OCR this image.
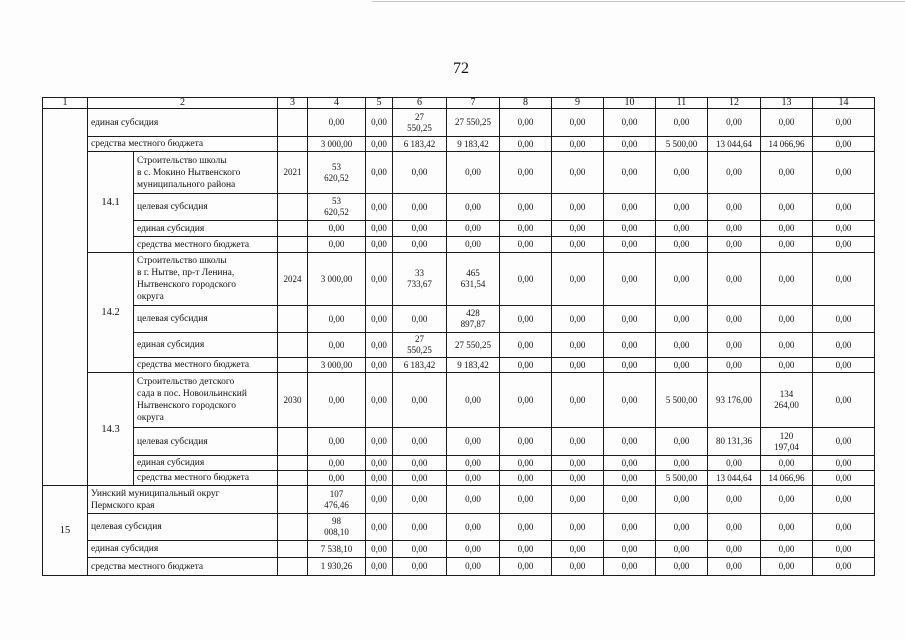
72
1	2		3	4	5	6	7	8	9	10	11	12	13	14

	единая субсидия			0,00	0,00	27 550,25	27 550,25	0,00	0,00	0,00	0,00	0,00	0,00	0,00

	средства местного бюджета			3 000,00	0,00	6 183,42	9 183,42	0,00	0,00	0,00	5 500,00	13 044,64	14 066,96	0,00
	14.1	Строительство школы
в с. Мокино Нытвенского
муниципального района	2021	53 620,52	0,00	0,00	0,00	0,00	0,00	0,00	0,00	0,00	0,00	0,00

		целевая субсидия		53 620,52	0,00	0,00	0,00	0,00	0,00	0,00	0,00	0,00	0,00	0,00

		единая субсидия		0,00	0,00	0,00	0,00	0,00	0,00	0,00	0,00	0,00	0,00	0,00

		средства местного бюджета		0,00	0,00	0,00	0,00	0,00	0,00	0,00	0,00	0,00	0,00	0,00
	14.2	Строительство школы
в г. Нытве, пр-т Ленина,
Нытвенского городского
округа	2024	3 000,00	0,00	33 733,67	465 631,54	0,00	0,00	0,00	0,00	0,00	0,00	0,00

		целевая субсидия		0,00	0,00	0,00	428 897,87	0,00	0,00	0,00	0,00	0,00	0,00	0,00

		единая субсидия		0,00	0,00	27 550,25	27 550,25	0,00	0,00	0,00	0,00	0,00	0,00	0,00

		средства местного бюджета		3 000,00	0,00	6 183,42	9 183,42	0,00	0,00	0,00	0,00	0,00	0,00	0,00
	14.3	Строительство детского
сада в пос. Новоильинский
Нытвенского городского
округа	2030	0,00	0,00	0,00	0,00	0,00	0,00	0,00	5 500,00	93 176,00	134 264,00	0,00

		целевая субсидия		0,00	0,00	0,00	0,00	0,00	0,00	0,00	0,00	80 131,36	120 197,04	0,00

		единая субсидия		0,00	0,00	0,00	0,00	0,00	0,00	0,00	0,00	0,00	0,00	0,00

		средства местного бюджета		0,00	0,00	0,00	0,00	0,00	0,00	0,00	5 500,00	13 044,64	14 066,96	0,00
15	Уинский муниципальный округ
Пермского края			107 476,46	0,00	0,00	0,00	0,00	0,00	0,00	0,00	0,00	0,00	0,00

	целевая субсидия			98 008,10	0,00	0,00	0,00	0,00	0,00	0,00	0,00	0,00	0,00	0,00

	единая субсидия			7 538,10	0,00	0,00	0,00	0,00	0,00	0,00	0,00	0,00	0,00	0,00

	средства местного бюджета			1 930,26	0,00	0,00	0,00	0,00	0,00	0,00	0,00	0,00	0,00	0,00
